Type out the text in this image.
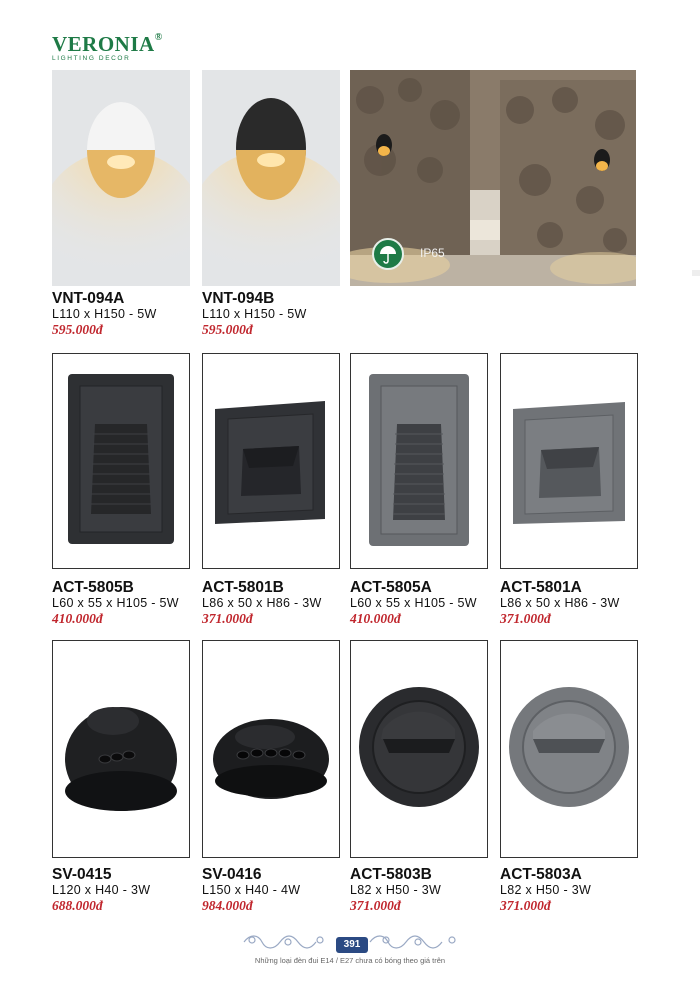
VERONIA®
LIGHTING DECOR
IP65
VNT-094A
L110 x H150 - 5W
595.000đ
VNT-094B
L110 x H150 - 5W
595.000đ
ACT-5805B
L60 x 55 x H105 - 5W
410.000đ
ACT-5801B
L86 x 50 x H86 - 3W
371.000đ
ACT-5805A
L60 x 55 x H105 - 5W
410.000đ
ACT-5801A
L86 x 50 x H86 - 3W
371.000đ
SV-0415
L120 x H40 - 3W
688.000đ
SV-0416
L150 x H40 - 4W
984.000đ
ACT-5803B
L82 x H50 - 3W
371.000đ
ACT-5803A
L82 x H50 - 3W
371.000đ
391
Những loại đèn đui E14 / E27 chưa có bóng theo giá trên
